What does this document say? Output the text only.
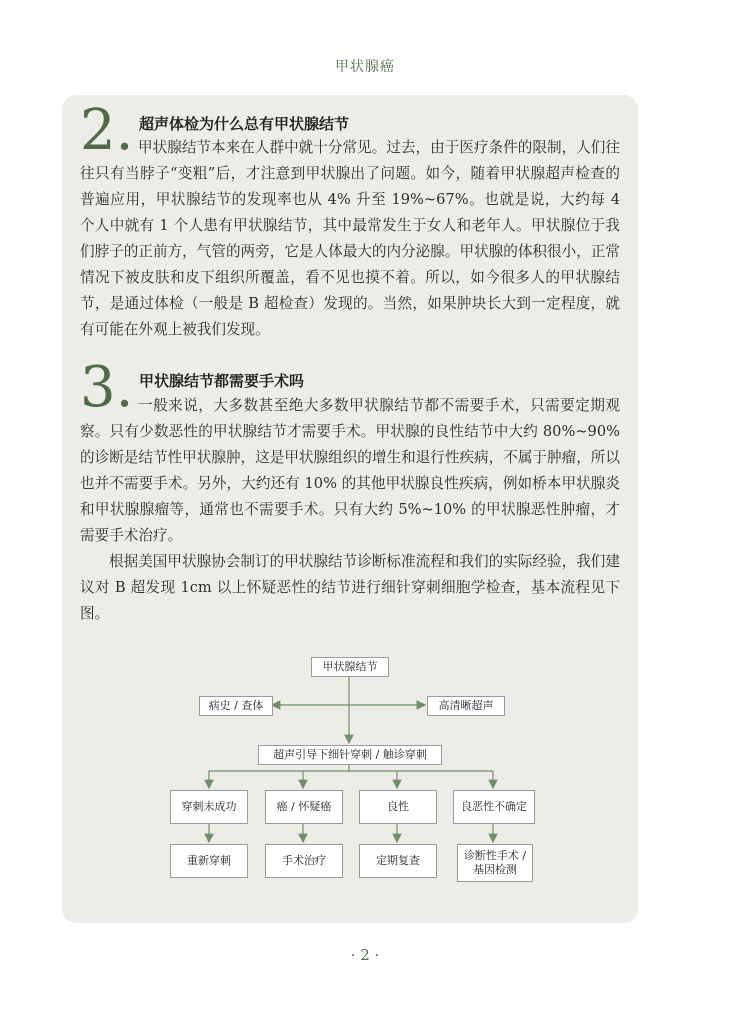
甲状腺癌
2. 超声体检为什么总有甲状腺结节
甲状腺结节本来在人群中就十分常见。过去，由于医疗条件的限制，人们往往只有当脖子“变粗”后，才注意到甲状腺出了问题。如今，随着甲状腺超声检查的普遍应用，甲状腺结节的发现率也从 4% 升至 19%~67%。也就是说，大约每 4 个人中就有 1 个人患有甲状腺结节，其中最常发生于女人和老年人。甲状腺位于我们脖子的正前方，气管的两旁，它是人体最大的内分泌腺。甲状腺的体积很小，正常情况下被皮肤和皮下组织所覆盖，看不见也摸不着。所以，如今很多人的甲状腺结节，是通过体检（一般是 B 超检查）发现的。当然，如果肿块长大到一定程度，就有可能在外观上被我们发现。
3. 甲状腺结节都需要手术吗
一般来说，大多数甚至绝大多数甲状腺结节都不需要手术，只需要定期观察。只有少数恶性的甲状腺结节才需要手术。甲状腺的良性结节中大约 80%~90% 的诊断是结节性甲状腺肿，这是甲状腺组织的增生和退行性疾病，不属于肿瘤，所以也并不需要手术。另外，大约还有 10% 的其他甲状腺良性疾病，例如桥本甲状腺炎和甲状腺腺瘤等，通常也不需要手术。只有大约 5%~10% 的甲状腺恶性肿瘤，才需要手术治疗。
根据美国甲状腺协会制订的甲状腺结节诊断标准流程和我们的实际经验，我们建议对 B 超发现 1cm 以上怀疑恶性的结节进行细针穿刺细胞学检查，基本流程见下图。
甲状腺结节
病史 / 查体	高清晰超声
超声引导下细针穿刺 / 触诊穿刺
穿刺未成功	癌 / 怀疑癌	良性	良恶性不确定
重新穿刺	手术治疗	定期复查	诊断性手术 /
基因检测
· 2 ·
